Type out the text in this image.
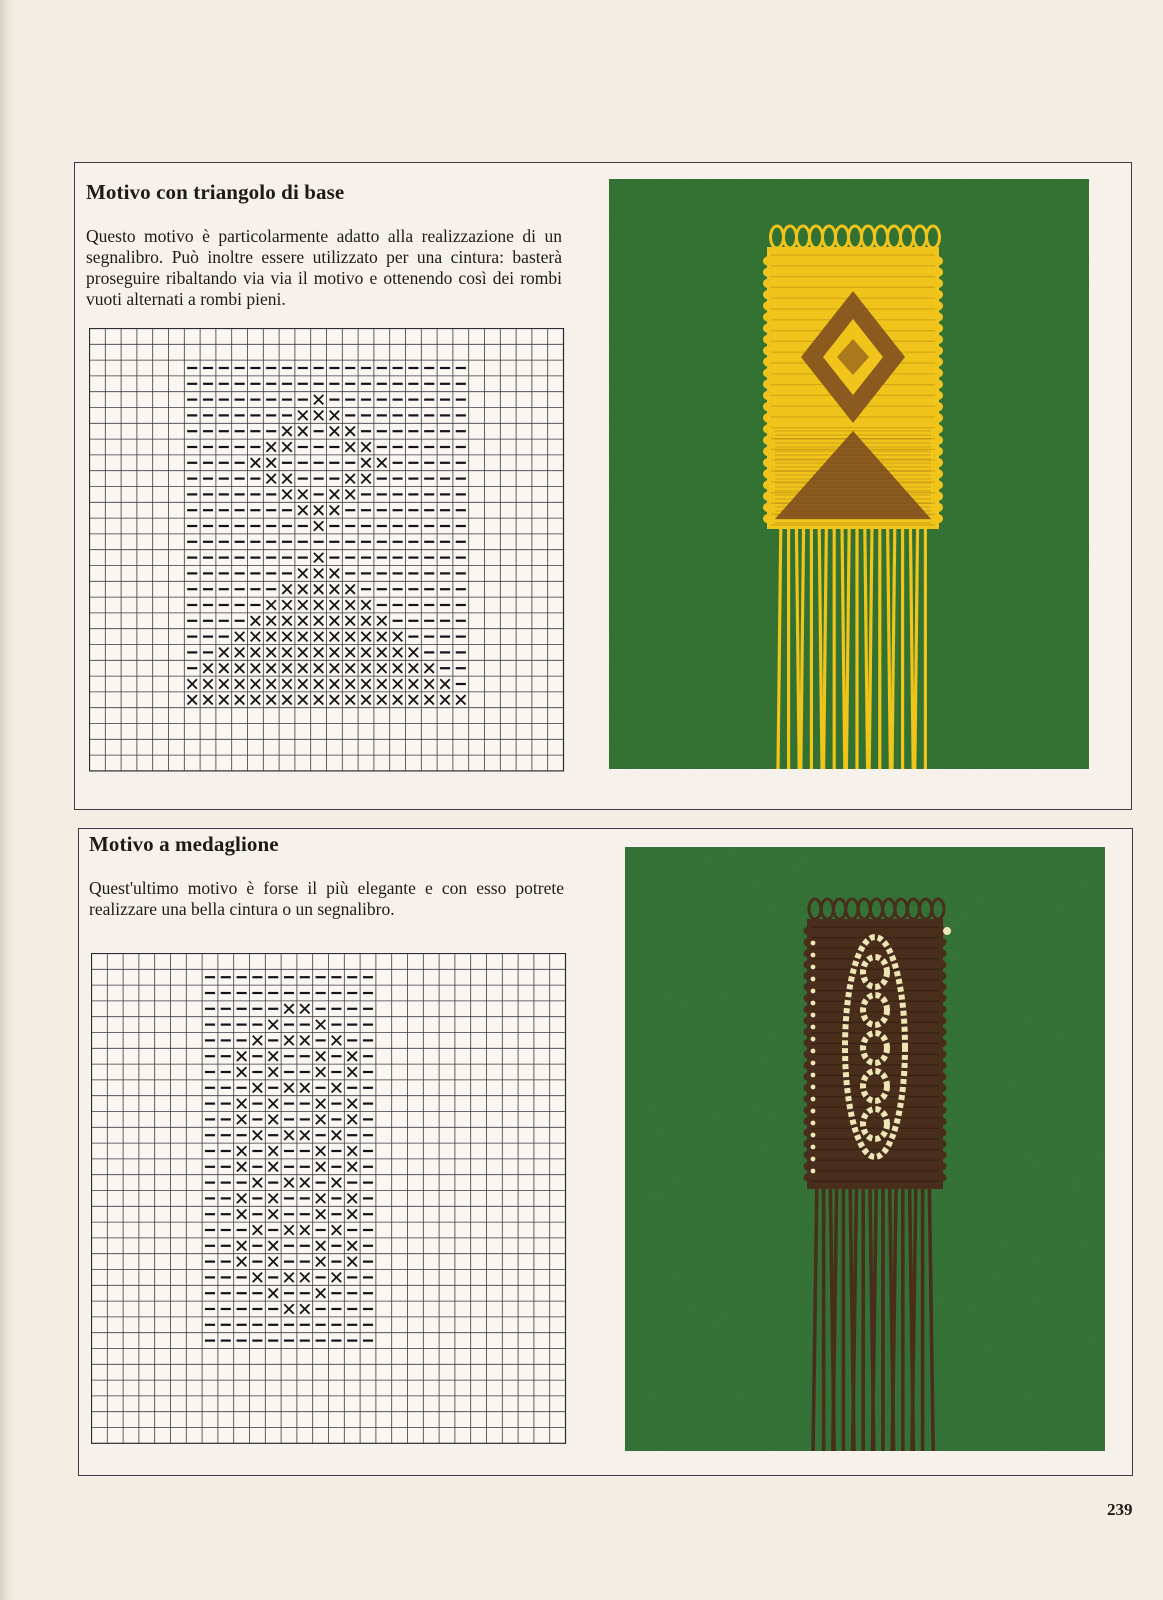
Motivo con triangolo di base

Questo motivo è particolarmente adatto alla realizzazione di un segnalibro. Può inoltre essere utilizzato per una cintura: basterà proseguire ribaltando via via il motivo e ottenendo così dei rombi vuoti alternati a rombi pieni.

Motivo a medaglione

Quest'ultimo motivo è forse il più elegante e con esso potrete realizzare una bella cintura o un segnalibro.

239
